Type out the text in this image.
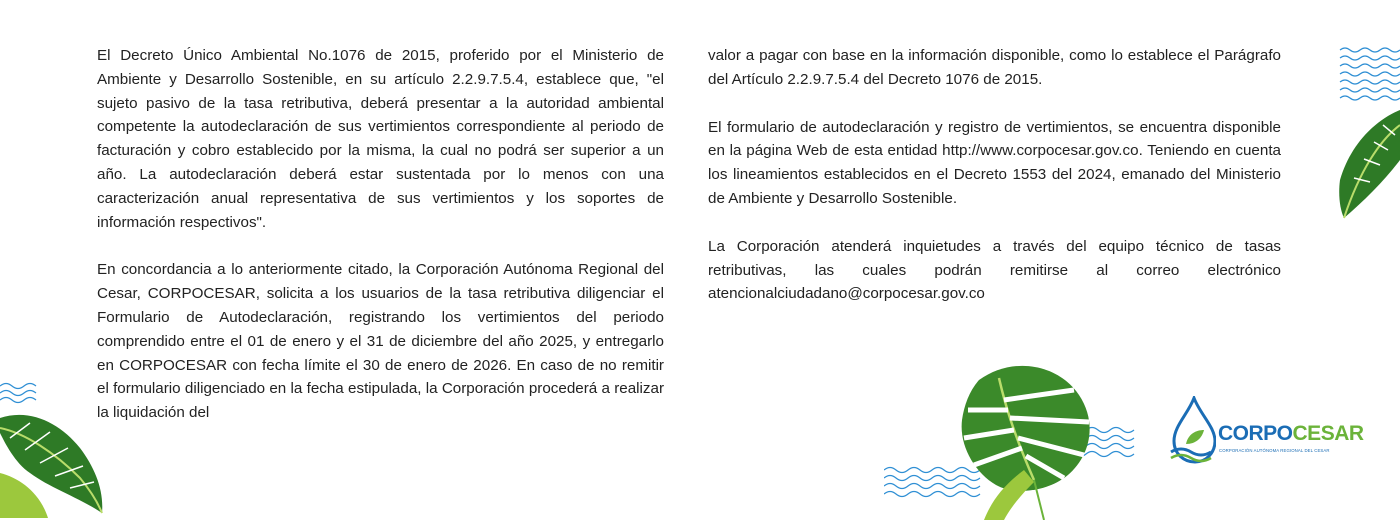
El Decreto Único Ambiental No.1076 de 2015, proferido por el Ministerio de Ambiente y Desarrollo Sostenible, en su artículo 2.2.9.7.5.4, establece que, "el sujeto pasivo de la tasa retributiva, deberá presentar a la autoridad ambiental competente la autodeclaración de sus vertimientos correspondiente al periodo de facturación y cobro establecido por la misma, la cual no podrá ser superior a un año. La autodeclaración deberá estar sustentada por lo menos con una caracterización anual representativa de sus vertimientos y los soportes de información respectivos".

En concordancia a lo anteriormente citado, la Corporación Autónoma Regional del Cesar, CORPOCESAR, solicita a los usuarios de la tasa retributiva diligenciar el Formulario de Autodeclaración, registrando los vertimientos del periodo comprendido entre el 01 de enero y el 31 de diciembre del año 2025, y entregarlo en CORPOCESAR con fecha límite el 30 de enero de 2026. En caso de no remitir el formulario diligenciado en la fecha estipulada, la Corporación procederá a realizar la liquidación del

valor a pagar con base en la información disponible, como lo establece el Parágrafo del Artículo 2.2.9.7.5.4 del Decreto 1076 de 2015.

El formulario de autodeclaración y registro de vertimientos, se encuentra disponible en la página Web de esta entidad http://www.corpocesar.gov.co. Teniendo en cuenta los lineamientos establecidos en el Decreto 1553 del 2024, emanado del Ministerio de Ambiente y Desarrollo Sostenible.

La Corporación atenderá inquietudes a través del equipo técnico de tasas retributivas, las cuales podrán remitirse al correo electrónico atencionalciudadano@corpocesar.gov.co

CORPOCESAR
CORPORACIÓN AUTÓNOMA REGIONAL DEL CESAR
